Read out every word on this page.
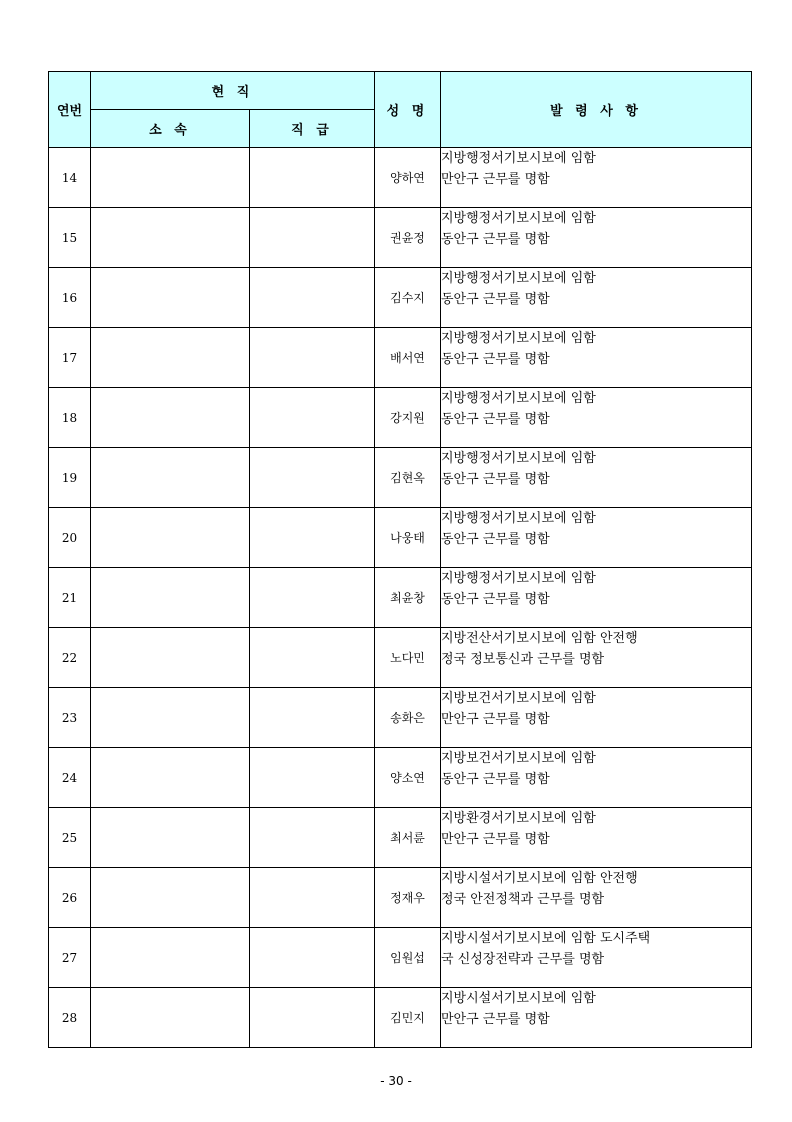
연번	현 직		성 명	발 령 사 항
	소 속	직 급		
14			양하연	지방행정서기보시보에 임함
만안구 근무를 명함

15			권윤정	지방행정서기보시보에 임함
동안구 근무를 명함

16			김수지	지방행정서기보시보에 임함
동안구 근무를 명함

17			배서연	지방행정서기보시보에 임함
동안구 근무를 명함

18			강지원	지방행정서기보시보에 임함
동안구 근무를 명함

19			김현옥	지방행정서기보시보에 임함
동안구 근무를 명함

20			나웅태	지방행정서기보시보에 임함
동안구 근무를 명함

21			최윤창	지방행정서기보시보에 임함
동안구 근무를 명함

22			노다민	지방전산서기보시보에 임함 안전행
정국 정보통신과 근무를 명함

23			송화은	지방보건서기보시보에 임함
만안구 근무를 명함

24			양소연	지방보건서기보시보에 임함
동안구 근무를 명함

25			최서륜	지방환경서기보시보에 임함
만안구 근무를 명함

26			정재우	지방시설서기보시보에 임함 안전행
정국 안전정책과 근무를 명함

27			임원섭	지방시설서기보시보에 임함 도시주택
국 신성장전략과 근무를 명함

28			김민지	지방시설서기보시보에 임함
만안구 근무를 명함
- 30 -
